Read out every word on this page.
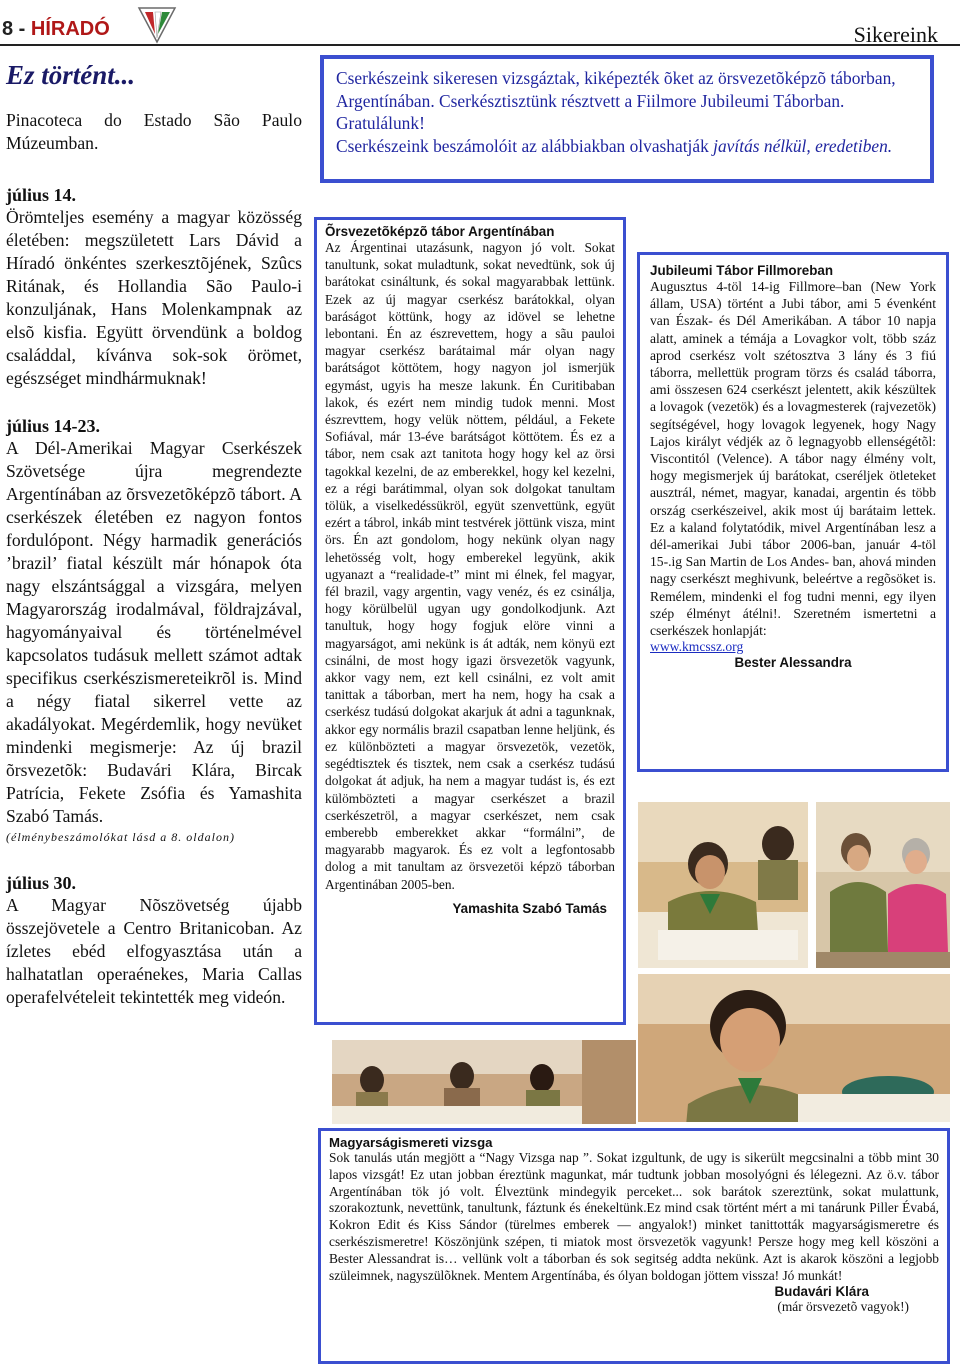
8 - HÍRADÓ	Sikereink
Ez történt...

Pinacoteca do Estado São Paulo Múzeumban.

július 14.

Örömteljes esemény a magyar közösség életében: megszületett Lars Dávid a Híradó önkéntes szerkesztõjének, Szûcs Ritának, és Hollandia São Paulo-i konzuljának, Hans Molenkampnak az elsõ kisfia. Együtt örvendünk a boldog családdal, kívánva sok-sok örömet, egészséget mindhármuknak!

július 14-23.

A Dél-Amerikai Magyar Cserkészek Szövetsége újra megrendezte Argentínában az õrsvezetõképzõ tábort. A cserkészek életében ez nagyon fontos fordulópont. Négy harmadik generációs ’brazil’ fiatal készült már hónapok óta nagy elszántsággal a vizsgára, melyen Magyarország irodalmával, földrajzával, hagyományaival és történelmével kapcsolatos tudásuk mellett számot adtak specifikus cserkészismereteikrõl is. Mind a négy fiatal sikerrel vette az akadályokat. Megérdemlik, hogy nevüket mindenki megismerje: Az új brazil õrsvezetõk: Budavári Klára, Bircak Patrícia, Fekete Zsófia és Yamashita Szabó Tamás.

(élménybeszámolókat lásd a 8. oldalon)
július 30.

A Magyar Nõszövetség újabb összejövetele a Centro Britanicoban. Az ízletes ebéd elfogyasztása után a halhatatlan operaénekes, Maria Callas operafelvételeit tekintették meg videón.

Cserkészeink sikeresen vizsgáztak, kiképezték õket az örsvezetõképzõ táborban, Argentínában. Cserkésztisztünk résztvett a Fiilmore Jubileumi Táborban. Gratulálunk!
Cserkészeink beszámolóit az alábbiakban olvashatják javítás nélkül, eredetiben.
Õrsvezetõképzõ tábor Argentínában

Az Árgentinai utazásunk, nagyon jó volt. Sokat tanultunk, sokat muladtunk, sokat nevedtünk, sok új barátokat csináltunk, és sokal magyarabbak lettünk. Ezek az új magyar cserkész barátokkal, olyan baráságot köttünk, hogy az idövel se lehetne lebontani. Én az észrevettem, hogy a sãu pauloi magyar cserkész barátaimal már olyan nagy barátságot köttötem, hogy nagyon jol ismerjük egymást, ugyis ha mesze lakunk. Én Curitibaban lakok, és ezért nem mindig tudok menni. Most észrevttem, hogy velük nöttem, például, a Fekete Sofiával, már 13-éve barátságot köttötem. És ez a tábor, nem csak azt tanitota hogy hogy kel az örsi tagokkal kezelni, de az emberekkel, hogy kel kezelni, ez a régi barátimmal, olyan sok dolgokat tanultam tölük, a viselkedéssükröl, együt szenvettünk, együt ezért a tábrol, inkáb mint testvérek jöttünk visza, mint örs. Én azt gondolom, hogy nekünk olyan nagy lehetösség volt, hogy emberekel legyünk, akik ugyanazt a “realidade-t” mint mi élnek, fel magyar, fél brazil, vagy argentin, vagy venéz, és ez csinálja, hogy körülbelül ugyan ugy gondolkodjunk. Azt tanultuk, hogy hogy fogjuk elöre vinni a magyarságot, ami nekünk is át adták, nem könyü ezt csinálni, de most hogy igazi örsvezetök vagyunk, akkor vagy nem, ezt kell csinálni, ez volt amit tanittak a táborban, mert ha nem, hogy ha csak a cserkész tudású dolgokat akarjuk át adni a tagunknak, akkor egy normális brazil csapatban lenne heljünk, és ez különbözteti a magyar örsvezetök, vezetök, segédtisztek és tisztek, nem csak a cserkész tudású dolgokat át adjuk, ha nem a magyar tudást is, és ezt külömbözteti a magyar cserkészet a brazil cserkészetröl, a magyar cserkészet, nem csak emberebb emberekket akkar “formálni”, de magyarabb magyarok. És ez volt a legfontosabb dolog a mit tanultam az örsvezetöi képzö táborban Argentinában 2005-ben.

Yamashita Szabó Tamás
Jubileumi Tábor Fillmoreban

Augusztus 4-töl 14-ig Fillmore–ban (New York állam, USA) történt a Jubi tábor, ami 5 évenként van Észak- és Dél Amerikában. A tábor 10 napja alatt, aminek a témája a Lovagkor volt, több száz aprod cserkész volt szétosztva 3 lány és 3 fiú táborra, mellettük program törzs és család táborra, ami összesen 624 cserkészt jelentett, akik készültek a lovagok (vezetök) és a lovagmesterek (rajvezetök) segítségével, hogy lovagok legyenek, hogy Nagy Lajos királyt védjék az õ legnagyobb ellenségétõl: Viscontitól (Velence). A tábor nagy élmény volt, hogy megismerjek új barátokat, cseréljek ötleteket ausztrál, német, magyar, kanadai, argentin és több ország cserkészeivel, akik most új barátaim lettek. Ez a kaland folytatódik, mivel Argentínában lesz a dél-amerikai Jubi tábor 2006-ban, január 4-töl 15-.ig San Martin de Los Andes- ban, ahová minden nagy cserkészt meghivunk, beleértve a regõsöket is. Remélem, mindenki el fog tudni menni, egy ilyen szép élményt átélni!. Szeretném ismertetni a cserkészek honlapját:

www.kmcssz.org
Bester Alessandra
Magyarságismereti vizsga

Sok tanulás után megjött a “Nagy Vizsga nap ”. Sokat izgultunk, de ugy is sikerült megcsinalni a több mint 30 lapos vizsgát! Ez utan jobban éreztünk magunkat, már tudtunk jobban mosolyógni és lélegezni. Az ö.v. tábor Argentínában tök jó volt. Élveztünk mindegyik perceket... sok barátok szereztünk, sokat mulattunk, szorakoztunk, nevettünk, tanultunk, fáztunk és énekeltünk.Ez mind csak történt mért a mi tanárunk Piller Évabá, Kokron Edit és Kiss Sándor (türelmes emberek — angyalok!) minket tanittották magyarságismeretre és cserkészismeretre! Köszönjünk szépen, ti miatok most örsvezetök vagyunk! Persze hogy meg kell köszöni a Bester Alessandrat is… vellünk volt a táborban és sok segitség addta nekünk. Azt is akarok köszöni a legjobb szüleimnek, nagyszülõknek. Mentem Argentínába, és ólyan boldogan jöttem vissza! Jó munkát!

Budavári Klára
(már örsvezetõ vagyok!)
